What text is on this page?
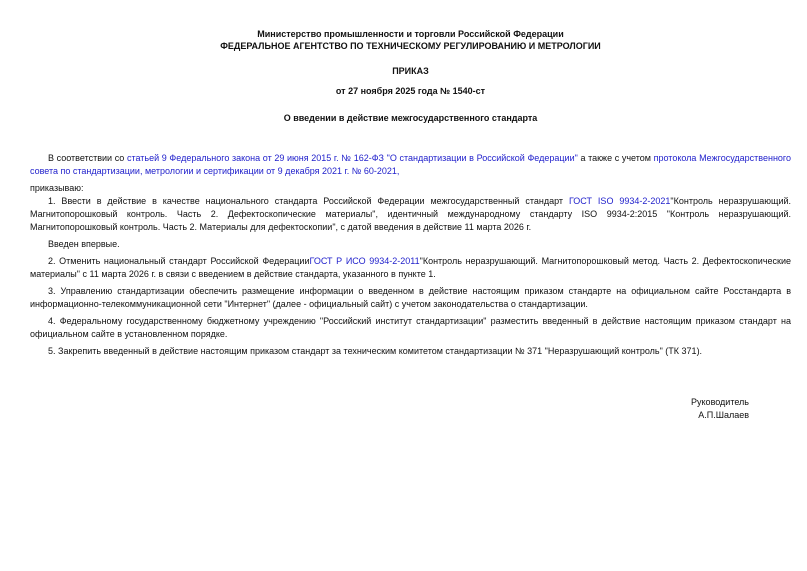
Министерство промышленности и торговли Российской Федерации

ФЕДЕРАЛЬНОЕ АГЕНТСТВО ПО ТЕХНИЧЕСКОМУ РЕГУЛИРОВАНИЮ И МЕТРОЛОГИИ

ПРИКАЗ

от 27 ноября 2025 года № 1540-ст

О введении в действие межгосударственного стандарта

В соответствии со статьей 9 Федерального закона от 29 июня 2015 г. № 162-ФЗ "О стандартизации в Российской Федерации" а также с учетом протокола Межгосударственного совета по стандартизации, метрологии и сертификации от 9 декабря 2021 г. № 60-2021,

приказываю:

1. Ввести в действие в качестве национального стандарта Российской Федерации межгосударственный стандарт ГОСТ ISO 9934-2-2021"Контроль неразрушающий. Магнитопорошковый контроль. Часть 2. Дефектоскопические материалы", идентичный международному стандарту ISO 9934-2:2015 "Контроль неразрушающий. Магнитопорошковый контроль. Часть 2. Материалы для дефектоскопии", с датой введения в действие 11 марта 2026 г.

Введен впервые.

2. Отменить национальный стандарт Российской ФедерацииГОСТ Р ИСО 9934-2-2011"Контроль неразрушающий. Магнитопорошковый метод. Часть 2. Дефектоскопические материалы" с 11 марта 2026 г. в связи с введением в действие стандарта, указанного в пункте 1.

3. Управлению стандартизации обеспечить размещение информации о введенном в действие настоящим приказом стандарте на официальном сайте Росстандарта в информационно-телекоммуникационной сети "Интернет" (далее - официальный сайт) с учетом законодательства о стандартизации.

4. Федеральному государственному бюджетному учреждению "Российский институт стандартизации" разместить введенный в действие настоящим приказом стандарт на официальном сайте в установленном порядке.

5. Закрепить введенный в действие настоящим приказом стандарт за техническим комитетом стандартизации № 371 "Неразрушающий контроль" (ТК 371).

Руководитель
А.П.Шалаев
